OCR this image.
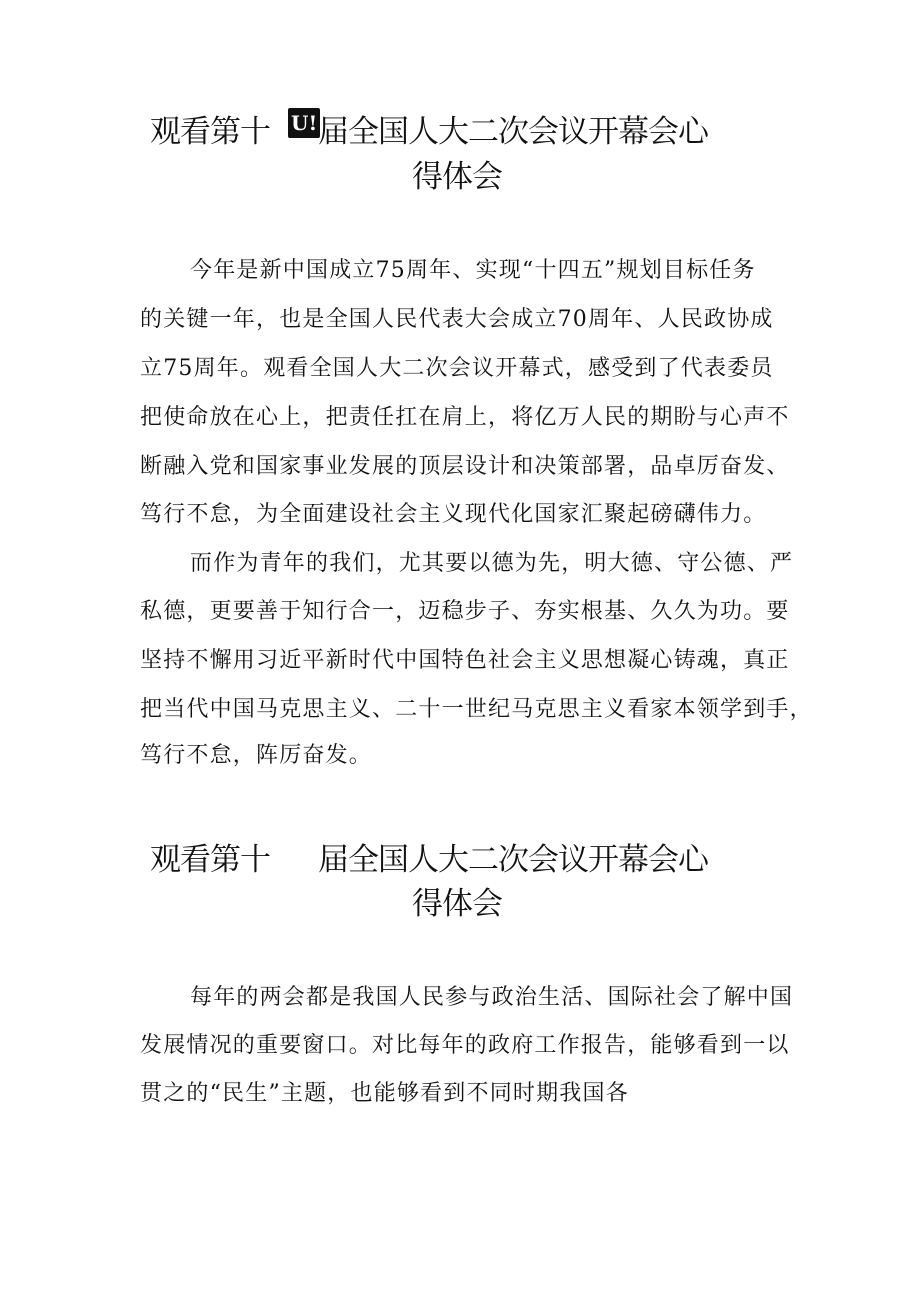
观看第十 U! 届全国人大二次会议开幕会心
得体会
今年是新中国成立75周年、实现“十四五”规划目标任务
的关键一年，也是全国人民代表大会成立70周年、人民政协成
立75周年。观看全国人大二次会议开幕式，感受到了代表委员
把使命放在心上，把责任扛在肩上，将亿万人民的期盼与心声不
断融入党和国家事业发展的顶层设计和决策部署，品卓厉奋发、
笃行不怠，为全面建设社会主义现代化国家汇聚起磅礴伟力。
而作为青年的我们，尤其要以德为先，明大德、守公德、严
私德，更要善于知行合一，迈稳步子、夯实根基、久久为功。要
坚持不懈用习近平新时代中国特色社会主义思想凝心铸魂，真正
把当代中国马克思主义、二十一世纪马克思主义看家本领学到手，
笃行不怠，阵厉奋发。
观看第十 届全国人大二次会议开幕会心
得体会
每年的两会都是我国人民参与政治生活、国际社会了解中国
发展情况的重要窗口。对比每年的政府工作报告，能够看到一以
贯之的“民生”主题，也能够看到不同时期我国各
